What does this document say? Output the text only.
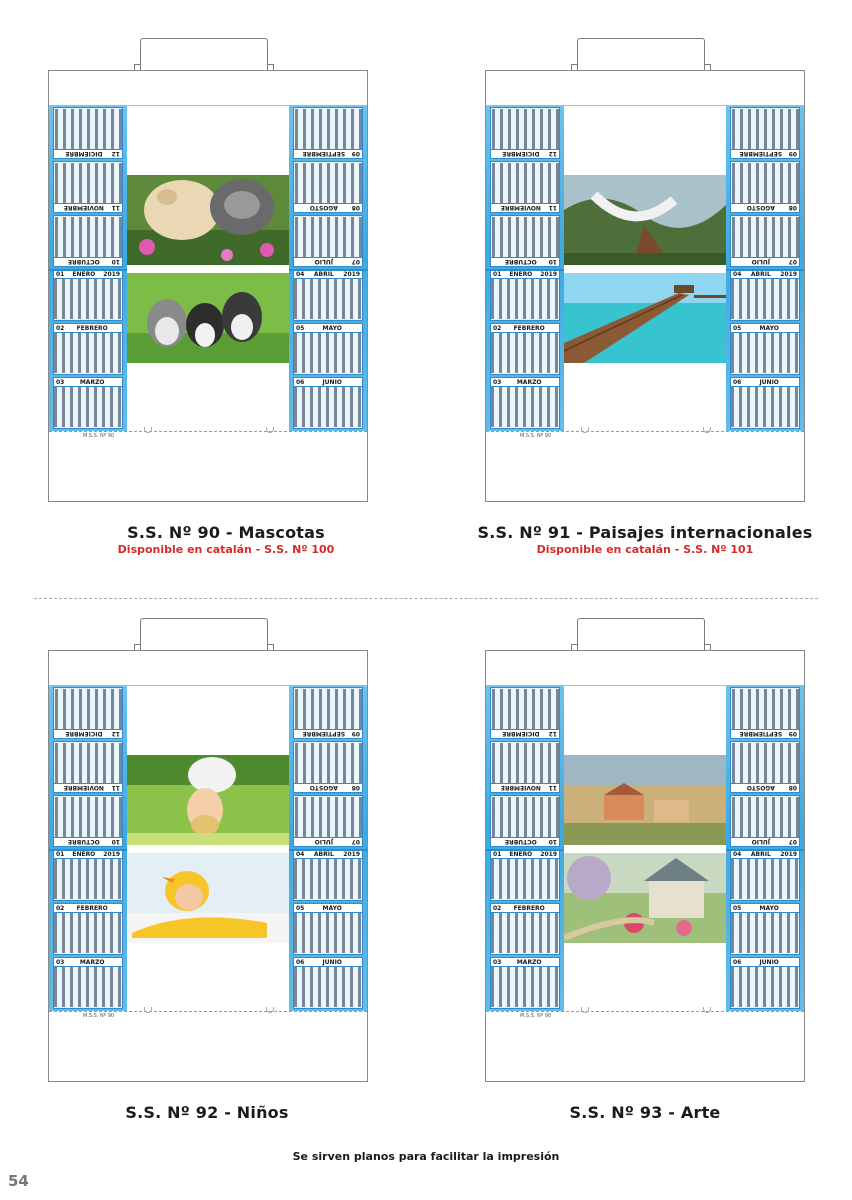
12
DICIEMBRE
11
NOVIEMBRE
10
OCTUBRE
01	ENERO	2019
02	FEBRERO
03	MARZO
09
SEPTIEMBRE
08
AGOSTO
07
JULIO
04	ABRIL	2019
05	MAYO
06	JUNIO
M.S.S. Nº 90
S.S. Nº 90 - Mascotas
Disponible en catalán - S.S. Nº 100
12
DICIEMBRE
11
NOVIEMBRE
10
OCTUBRE
01	ENERO	2019
02	FEBRERO
03	MARZO
09
SEPTIEMBRE
08
AGOSTO
07
JULIO
04	ABRIL	2019
05	MAYO
06	JUNIO
M.S.S. Nº 90
S.S. Nº 91 - Paisajes internacionales
Disponible en catalán - S.S. Nº 101
12
DICIEMBRE
11
NOVIEMBRE
10
OCTUBRE
01	ENERO	2019
02	FEBRERO
03	MARZO
09
SEPTIEMBRE
08
AGOSTO
07
JULIO
04	ABRIL	2019
05	MAYO
06	JUNIO
M.S.S. Nº 90
S.S. Nº 92 - Niños
12
DICIEMBRE
11
NOVIEMBRE
10
OCTUBRE
01	ENERO	2019
02	FEBRERO
03	MARZO
09
SEPTIEMBRE
08
AGOSTO
07
JULIO
04	ABRIL	2019
05	MAYO
06	JUNIO
M.S.S. Nº 90
S.S. Nº 93 - Arte
Se sirven planos para facilitar la impresión
54
